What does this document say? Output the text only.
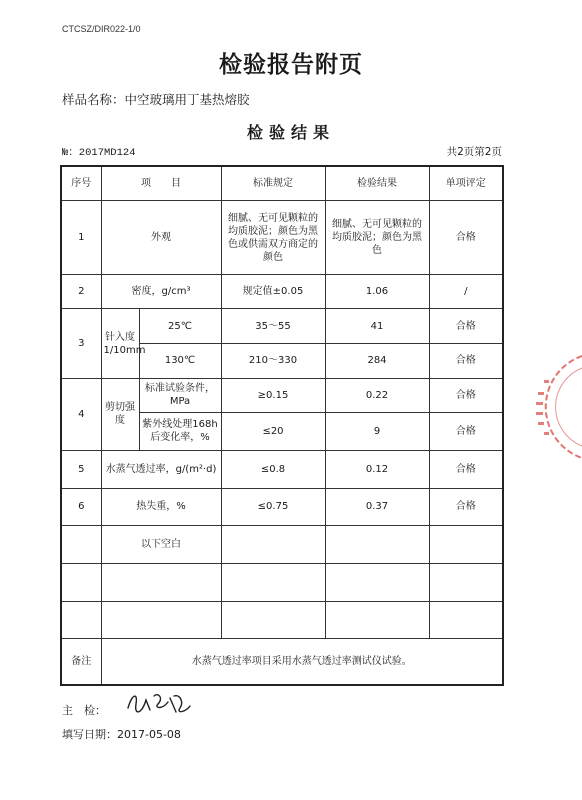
CTCSZ/DIR022-1/0
检验报告附页
样品名称：中空玻璃用丁基热熔胶
检验结果
№：2017MD124	共2页第2页
序号	项　　目		标准规定	检验结果	单项评定
1	外观		细腻、无可见颗粒的均质胶泥；颜色为黑色或供需双方商定的颜色	细腻、无可见颗粒的均质胶泥；颜色为黑色	合格
2	密度，g/cm³		规定值±0.05	1.06	/
3	针入度 1/10mm	25℃	35～55	41	合格
		130℃	210～330	284	合格
4	剪切强度	标准试验条件，MPa	≥0.15	0.22	合格
		紫外线处理168h后变化率，%	≤20	9	合格
5	水蒸气透过率，g/(m²·d)		≤0.8	0.12	合格
6	热失重，%		≤0.75	0.37	合格
	以下空白				

备注	水蒸气透过率项目采用水蒸气透过率测试仪试验。				
主　检：
填写日期：2017-05-08
